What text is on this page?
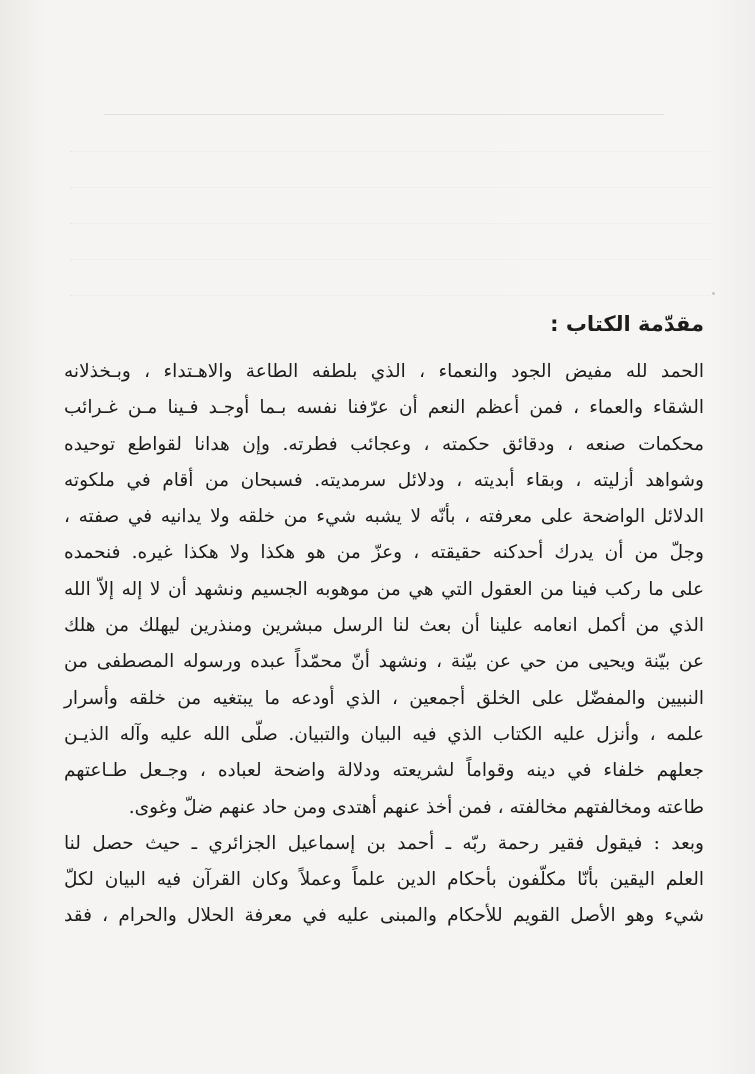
مقدّمة الكتاب :

الحمد لله مفيض الجود والنعماء ، الذي بلطفه الطاعة والاهـتداء ، وبـخذلانه
الشقاء والعماء ، فمن أعظم النعم أن عرّفنا نفسه بـما أوجـد فـينا مـن غـرائب
محكمات صنعه ، ودقائق حكمته ، وعجائب فطرته. وإن هدانا لقواطع توحيده
وشواهد أزليته ، وبقاء أبديته ، ودلائل سرمديته. فسبحان من أقام في ملكوته
الدلائل الواضحة على معرفته ، بأنّه لا يشبه شيء من خلقه ولا يدانيه في صفته ،
وجلّ من أن يدرك أحدكنه حقيقته ، وعزّ من هو هكذا ولا هكذا غيره. فنحمده
على ما ركب فينا من العقول التي هي من موهوبه الجسيم ونشهد أن لا إله إلاّ الله
الذي من أكمل انعامه علينا أن بعث لنا الرسل مبشرين ومنذرين ليهلك من هلك
عن بيّنة ويحيى من حي عن بيّنة ، ونشهد أنّ محمّداً عبده ورسوله المصطفى من
النبيين والمفضّل على الخلق أجمعين ، الذي أودعه ما يبتغيه من خلقه وأسرار
علمه ، وأنزل عليه الكتاب الذي فيه البيان والتبيان. صلّى الله عليه وآله الذيـن
جعلهم خلفاء في دينه وقواماً لشريعته ودلالة واضحة لعباده ، وجـعل طـاعتهم
طاعته ومخالفتهم مخالفته ، فمن أخذ عنهم أهتدى ومن حاد عنهم ضلّ وغوى.

وبعد : فيقول فقير رحمة ربّه ـ أحمد بن إسماعيل الجزائري ـ حيث حصل لنا
العلم اليقين بأنّا مكلّفون بأحكام الدين علماً وعملاً وكان القرآن فيه البيان لكلّ
شيء وهو الأصل القويم للأحكام والمبنى عليه في معرفة الحلال والحرام ، فقد
